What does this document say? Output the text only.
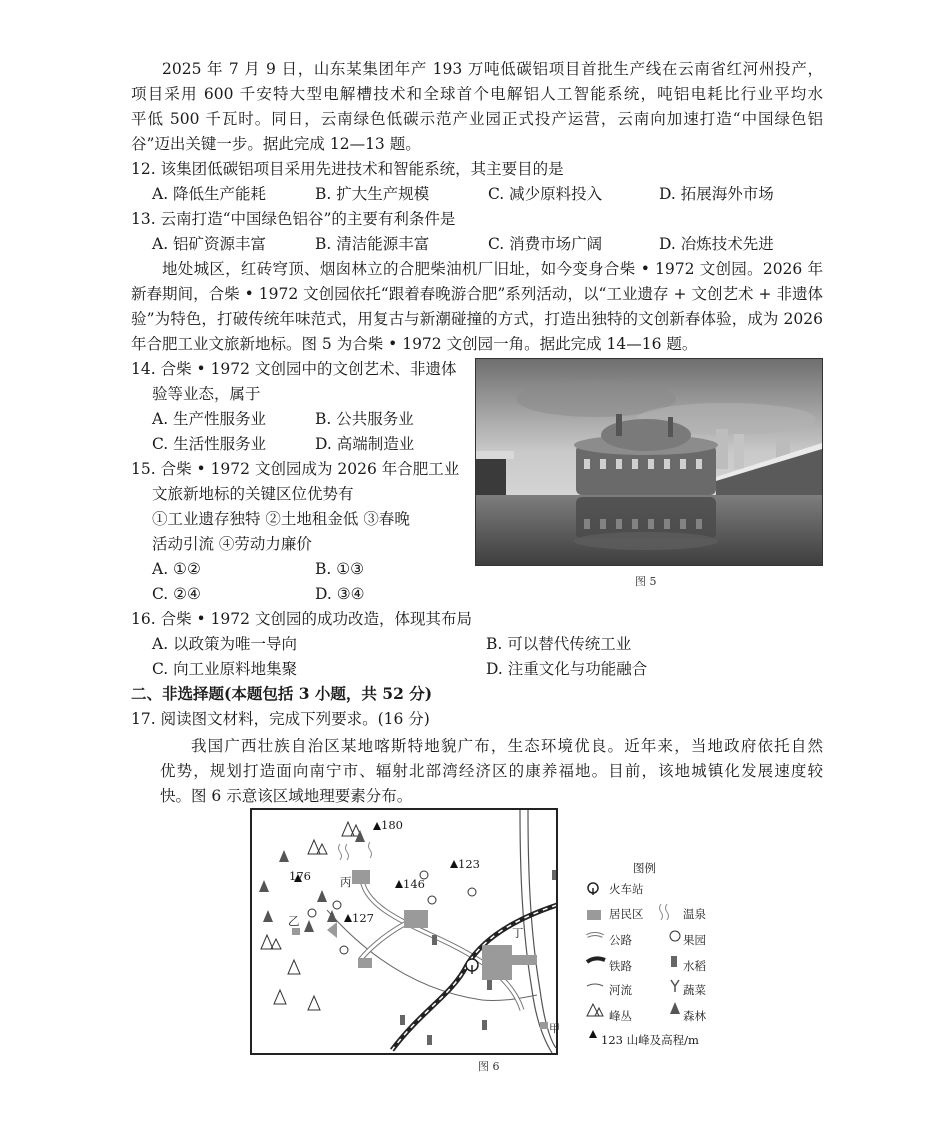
2025 年 7 月 9 日，山东某集团年产 193 万吨低碳铝项目首批生产线在云南省红河州投产，
项目采用 600 千安特大型电解槽技术和全球首个电解铝人工智能系统，吨铝电耗比行业平均水
平低 500 千瓦时。同日，云南绿色低碳示范产业园正式投产运营，云南向加速打造“中国绿色铝
谷”迈出关键一步。据此完成 12—13 题。
12. 该集团低碳铝项目采用先进技术和智能系统，其主要目的是
A. 降低生产能耗	B. 扩大生产规模	C. 减少原料投入	D. 拓展海外市场
13. 云南打造“中国绿色铝谷”的主要有利条件是
A. 铝矿资源丰富	B. 清洁能源丰富	C. 消费市场广阔	D. 冶炼技术先进
地处城区，红砖穹顶、烟囱林立的合肥柴油机厂旧址，如今变身合柴 • 1972 文创园。2026 年
新春期间，合柴 • 1972 文创园依托“跟着春晚游合肥”系列活动，以“工业遗存 + 文创艺术 + 非遗体
验”为特色，打破传统年味范式，用复古与新潮碰撞的方式，打造出独特的文创新春体验，成为 2026
年合肥工业文旅新地标。图 5 为合柴 • 1972 文创园一角。据此完成 14—16 题。
14. 合柴 • 1972 文创园中的文创艺术、非遗体
验等业态，属于
A. 生产性服务业	B. 公共服务业
C. 生活性服务业	D. 高端制造业
15. 合柴 • 1972 文创园成为 2026 年合肥工业
文旅新地标的关键区位优势有
①工业遗存独特 ②土地租金低 ③春晚
活动引流 ④劳动力廉价
A. ①②	B. ①③
C. ②④	D. ③④
图 5
16. 合柴 • 1972 文创园的成功改造，体现其布局
A. 以政策为唯一导向	B. 可以替代传统工业
C. 向工业原料地集聚	D. 注重文化与功能融合
二、非选择题(本题包括 3 小题，共 52 分)
17. 阅读图文材料，完成下列要求。(16 分)
我国广西壮族自治区某地喀斯特地貌广布，生态环境优良。近年来，当地政府依托自然
优势，规划打造面向南宁市、辐射北部湾经济区的康养福地。目前，该地城镇化发展速度较
快。图 6 示意该区域地理要素分布。
180
123
176
146
127
丙
乙
丁
甲
图例
火车站
居民区	温泉
公路	果园
铁路	水稻
河流	蔬菜
峰丛	森林
123 山峰及高程/m
图 6
